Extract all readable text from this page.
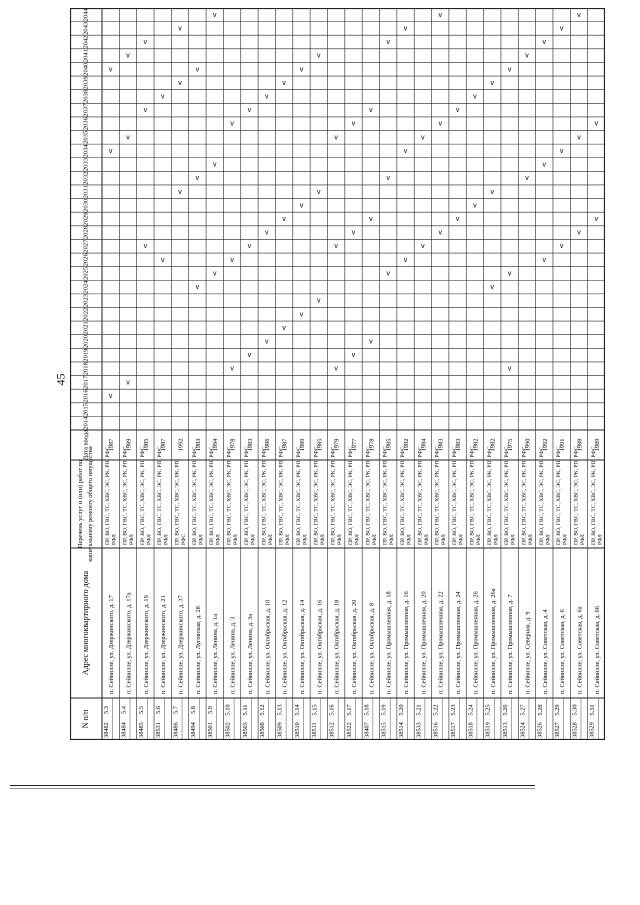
45
N п/п
Адрес многоквартирного дома
Перечень услуг и (или) работ по капитальному ремонту общего имущества
Дата ввода
2014
2015
2016
2017
2018
2019
2020
2021
2022
2023
2024
2025
2026
2027
2028
2029
2030
2031
2032
2033
2034
2035
2036
2037
2038
2039
2040
2041
2042
2043
2044
5.3
38482
п. Сейвилле, ул. Дзержинского, д. 17
ПР, ВО, ГВС, ТС, ХВС, ЭС, РК, РП, РФС, РФЛ
1987
v
v
v
5.4
38484
п. Сейвилле, ул. Дзержинского, д. 17а
ПР, ВО, ГВС, ТС, ХВС, ЭС, РК, РП, РФС, РФЛ
1989
v
v
v
5.5
38485
п. Сейвилле, ул. Дзержинского, д. 19
ПР, ВО, ГВС, ТС, ХВС, ЭС, РК, РП, РФС, РФЛ
1985
v
v
v
5.6
38531
п. Сейвилле, ул. Дзержинского, д. 21
ПР, ВО, ГВС, ТС, ХВС, ЭС, РК, РП, РФС, РФЛ
1987
v
v
5.7
38486
п. Сейвилле, ул. Дзержинского, д. 37
ПР, ВО, ГВС, ТС, ХВС, ЭС, РК, РП, РФС
1992
v
v
v
5.8
38494
п. Сейвилле, ул. Луговская, д. 28
ПР, ВО, ГВС, ТС, ХВС, ЭС, РК, РП, РФС, РФЛ
1983
v
v
v
5.9
38501
п. Сейвилле, ул. Ленина, д. 1а
ПР, ВО, ГВС, ТС, ХВС, ЭС, РК, РП, РФС, РФЛ
1994
v
v
v
5.10
38502
п. Сейвилле, ул. Ленина, д. 3
ПР, ВО, ГВС, ТС, ХВС, ЭС, РК, РП, РФС, РФЛ
1978
v
v
v
5.11
38503
п. Сейвилле, ул. Ленина, д. 3а
ПР, ВО, ГВС, ТС, ХВС, ЭС, РК, РП, РФС, РФЛ
1983
v
v
v
5.12
38508
п. Сейвилле, ул. Октябрьская, д. 10
ПР, ВО, ГВС, ТС, ХВС, ЭС, РК, РП, РФС, РФЛ
1986
v
v
v
5.13
38509
п. Сейвилле, ул. Октябрьская, д. 12
ПР, ВО, ГВС, ТС, ХВС, ЭС, РК, РП, РФС, РФЛ
1987
v
v
v
5.14
38510
п. Сейвилле, ул. Октябрьская, д. 14
ПР, ВО, ГВС, ТС, ХВС, ЭС, РК, РП, РФС, РФЛ
1989
v
v
v
5.15
38511
п. Сейвилле, ул. Октябрьская, д. 16
ПР, ВО, ГВС, ТС, ХВС, ЭС, РК, РП, РФС, РФЛ
1985
v
v
v
5.16
38512
п. Сейвилле, ул. Октябрьская, д. 18
ПР, ВО, ГВС, ТС, ХВС, ЭС, РК, РП, РФС, РФЛ
1979
v
v
v
5.17
38522
п. Сейвилле, ул. Октябрьская, д. 20
ПР, ВО, ГВС, ТС, ХВС, ЭС, РК, РП, РФС, РФЛ
1977
v
v
v
5.18
38407
п. Сейвилле, ул. Октябрьская, д. 8
ПР, ВО, ГВС, ТС, ХВС, ЭС, РК, РП, РФС, РФЛ
1978
v
v
v
5.19
38515
п. Сейвилле, ул. Промышленная, д. 18
ПР, ВО, ГВС, ТС, ХВС, ЭС, РК, РП, РФС, РФЛ
1985
v
v
v
5.20
38514
п. Сейвилле, ул. Промышленная, д. 16
ПР, ВО, ГВС, ТС, ХВС, ЭС, РК, РП, РФС, РФЛ
1982
v
v
v
5.21
38533
п. Сейвилле, ул. Промышленная, д. 20
ПР, ВО, ГВС, ТС, ХВС, ЭС, РК, РП, РФС, РФЛ
1984
v
v
5.22
38516
п. Сейвилле, ул. Промышленная, д. 22
ПР, ВО, ГВС, ТС, ХВС, ЭС, РК, РП, РФС, РФЛ
1983
v
v
v
5.23
38517
п. Сейвилле, ул. Промышленная, д. 24
ПР, ВО, ГВС, ТС, ХВС, ЭС, РК, РП, РФС, РФЛ
1983
v
v
5.24
38518
п. Сейвилле, ул. Промышленная, д. 26
ПР, ВО, ГВС, ТС, ХВС, ЭС, РК, РП, РФС, РФЛ
1982
v
v
5.25
38519
п. Сейвилле, ул. Промышленная, д. 26а
ПР, ВО, ГВС, ТС, ХВС, ЭС, РК, РП, РФС, РФЛ
1982
v
v
v
5.26
38513
п. Сейвилле, ул. Промышленная, д. 7
ПР, ВО, ГВС, ТС, ХВС, ЭС, РК, РП, РФС, РФЛ
1975
v
v
v
5.27
38524
п. Сейвилле, ул. Северная, д. 9
ПР, ВО, ГВС, ТС, ХВС, ЭС, РК, РП, РФС, РФЛ
1990
v
v
5.28
38526
п. Сейвилле, ул. Советская, д. 4
ПР, ВО, ГВС, ТС, ХВС, ЭС, РК, РП, РФС, РФЛ
1992
v
v
v
5.29
38527
п. Сейвилле, ул. Советская, д. 6
ПР, ВО, ГВС, ТС, ХВС, ЭС, РК, РП, РФС, РФЛ
1991
v
v
v
5.30
38528
п. Сейвилле, ул. Советская, д. 6а
ПР, ВО, ГВС, ТС, ХВС, ЭС, РК, РП, РФС, РФЛ
1988
v
v
v
5.31
38529
п. Сейвилле, ул. Советская, д. 66
ПР, ВО, ГВС, ТС, ХВС, ЭС, РК, РП, РФС, РФЛ
1989
v
v
